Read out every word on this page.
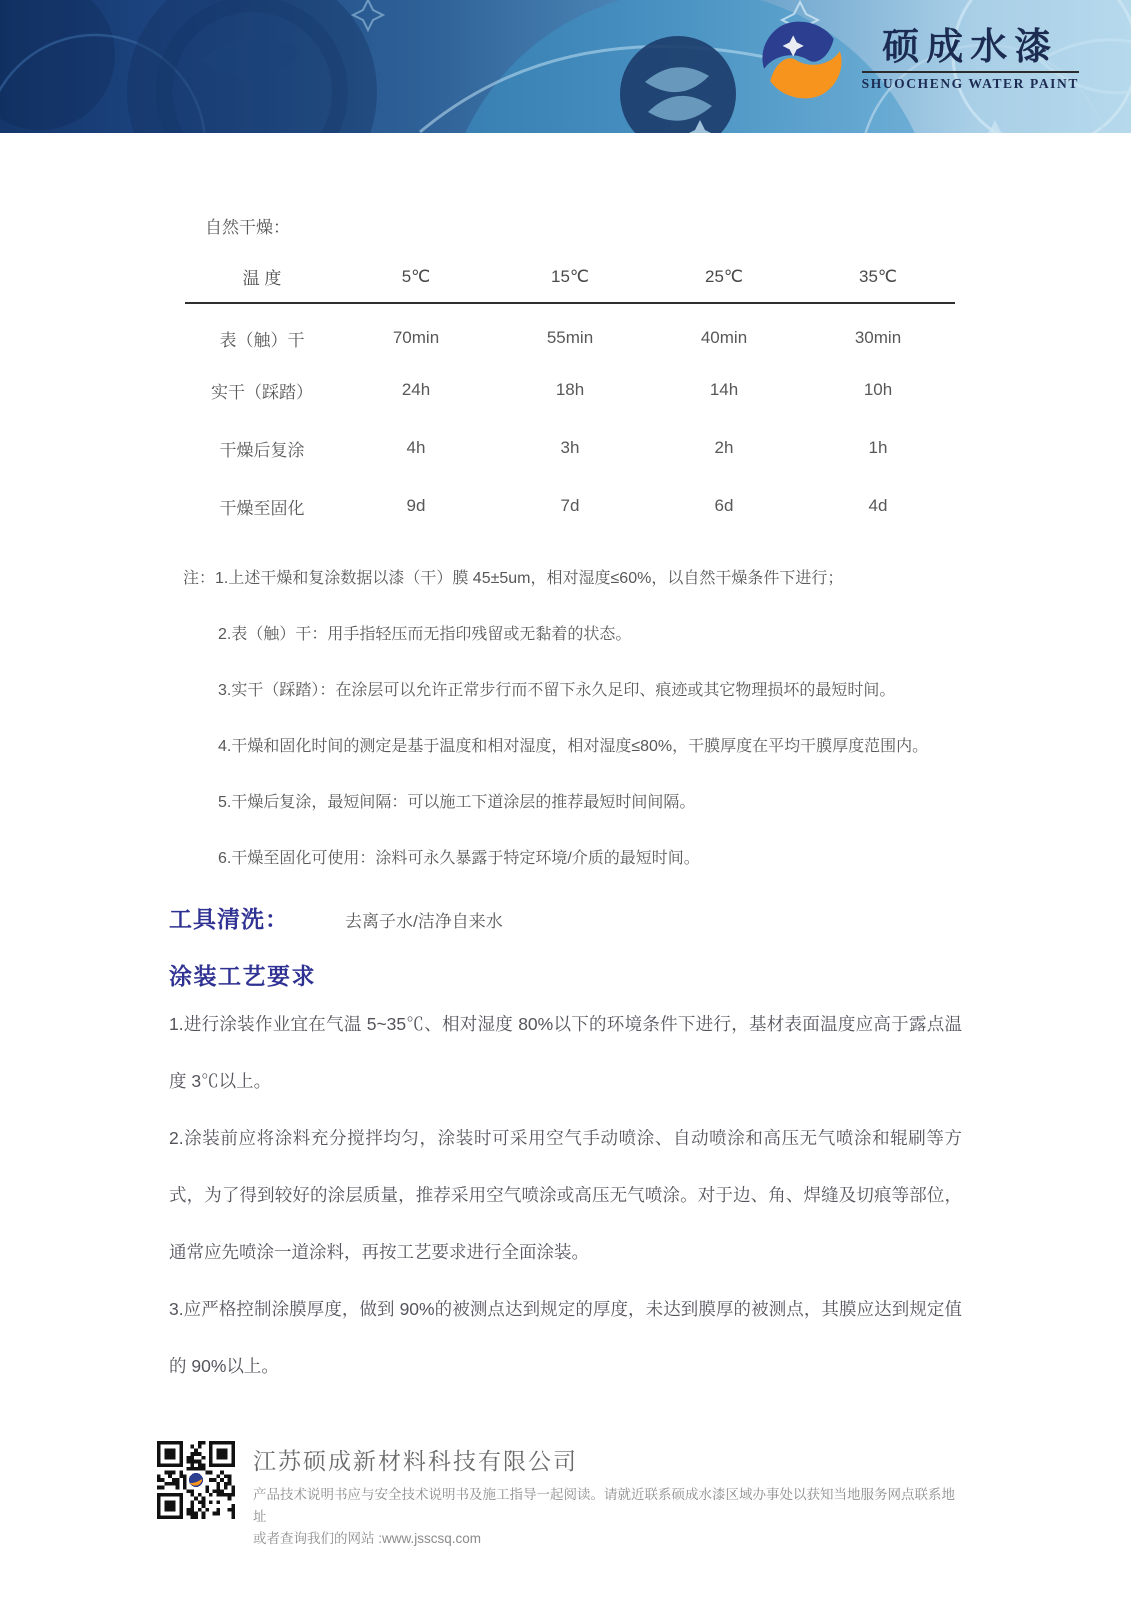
硕成水漆
SHUOCHENG WATER PAINT
自然干燥：
温 度	5℃	15℃	25℃	35℃
表（触）干	70min	55min	40min	30min
实干（踩踏）	24h	18h	14h	10h
干燥后复涂	4h	3h	2h	1h
干燥至固化	9d	7d	6d	4d
注： 1.上述干燥和复涂数据以漆（干）膜 45±5um，相对湿度≤60%，以自然干燥条件下进行；
2.表（触）干：用手指轻压而无指印残留或无黏着的状态。
3.实干（踩踏）：在涂层可以允许正常步行而不留下永久足印、痕迹或其它物理损坏的最短时间。
4.干燥和固化时间的测定是基于温度和相对湿度，相对湿度≤80%，干膜厚度在平均干膜厚度范围内。
5.干燥后复涂，最短间隔：可以施工下道涂层的推荐最短时间间隔。
6.干燥至固化可使用：涂料可永久暴露于特定环境/介质的最短时间。
工具清洗：	去离子水/洁净自来水
涂装工艺要求

1.进行涂装作业宜在气温 5~35℃、相对湿度 80%以下的环境条件下进行，基材表面温度应高于露点温度 3℃以上。

2.涂装前应将涂料充分搅拌均匀，涂装时可采用空气手动喷涂、自动喷涂和高压无气喷涂和辊刷等方式，为了得到较好的涂层质量，推荐采用空气喷涂或高压无气喷涂。对于边、角、焊缝及切痕等部位，通常应先喷涂一道涂料，再按工艺要求进行全面涂装。

3.应严格控制涂膜厚度，做到 90%的被测点达到规定的厚度，未达到膜厚的被测点，其膜应达到规定值的 90%以上。

江苏硕成新材料科技有限公司
产品技术说明书应与安全技术说明书及施工指导一起阅读。请就近联系硕成水漆区域办事处以获知当地服务网点联系地址
或者查询我们的网站 :www.jsscsq.com
